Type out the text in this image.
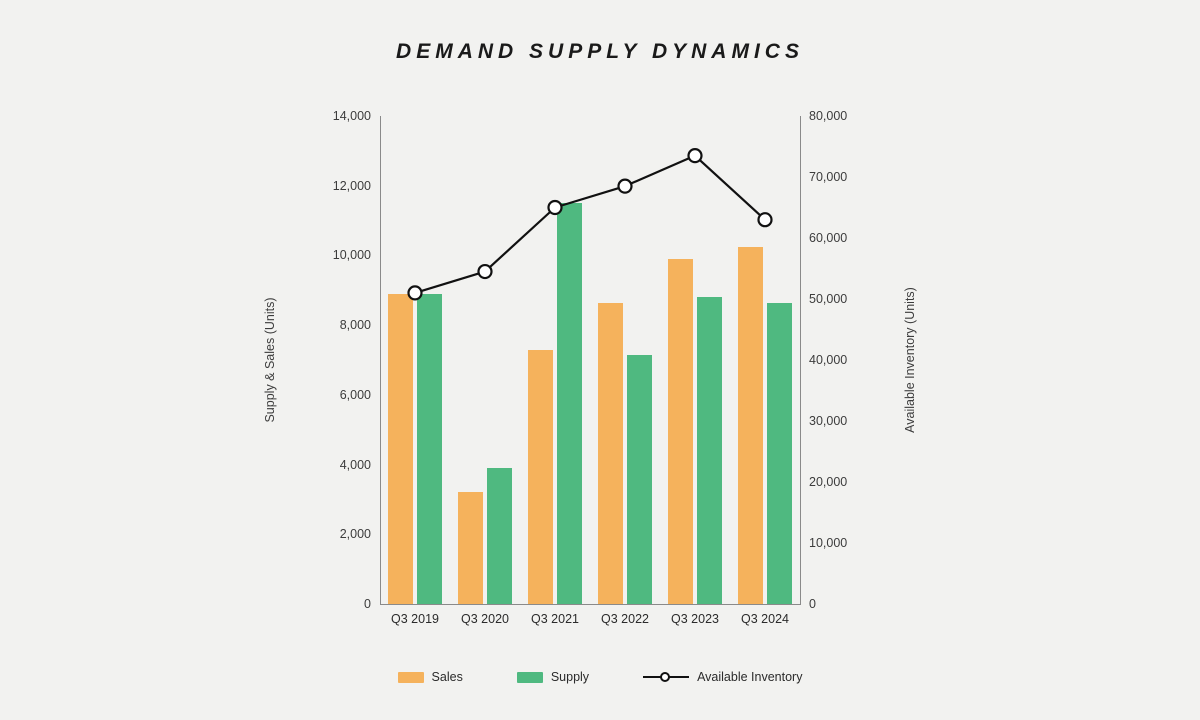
DEMAND SUPPLY DYNAMICS
Supply & Sales (Units)	Available Inventory (Units)
0
2,000
4,000
6,000
8,000
10,000
12,000
14,000
0
10,000
20,000
30,000
40,000
50,000
60,000
70,000
80,000
Q3 2019 Q3 2020 Q3 2021 Q3 2022 Q3 2023 Q3 2024
Sales	Supply	Available Inventory
